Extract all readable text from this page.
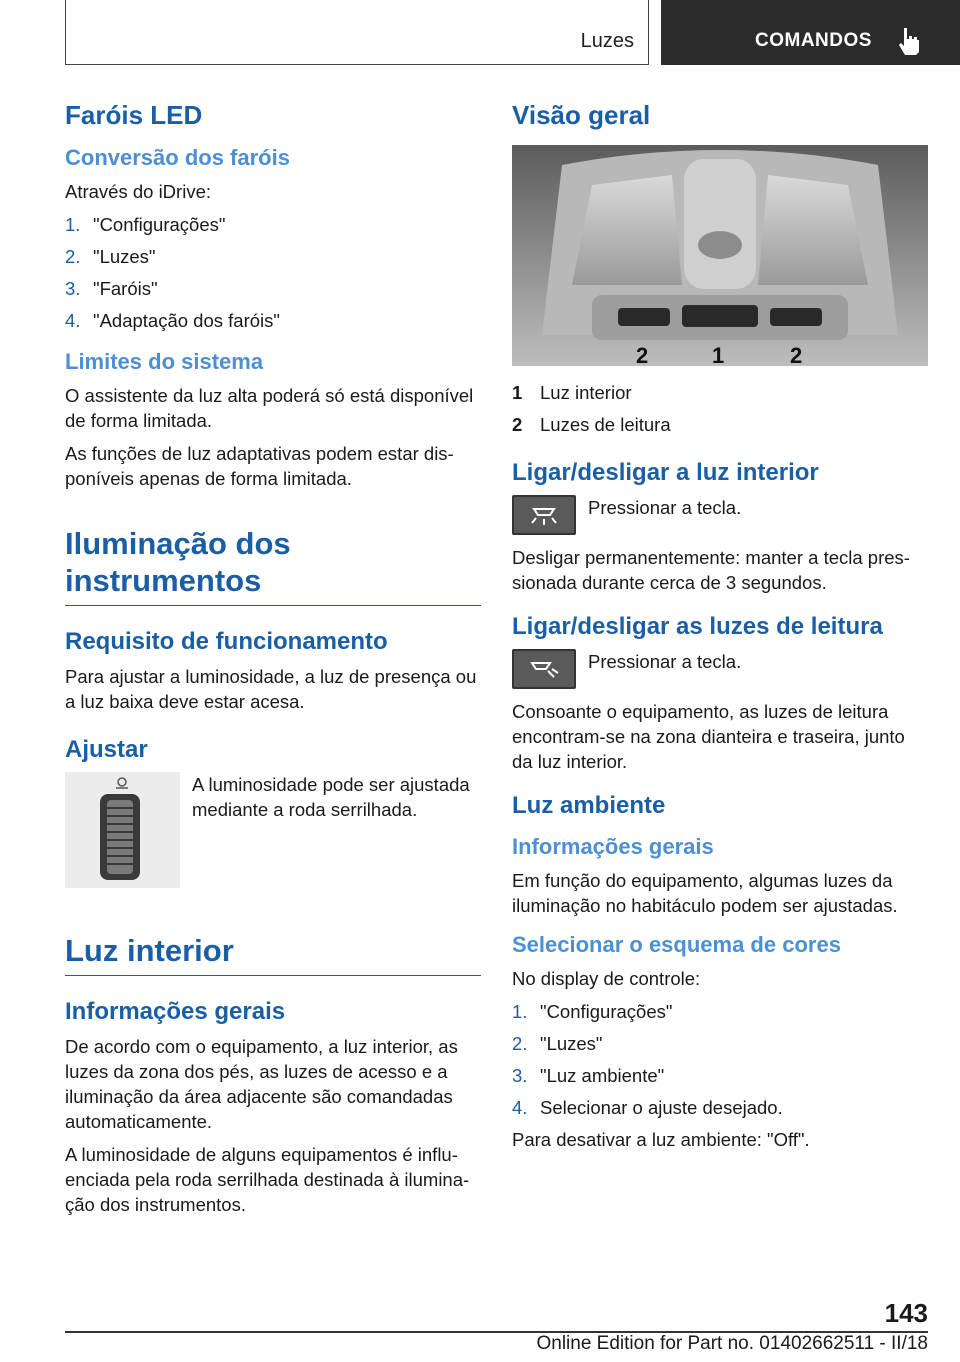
Luzes	COMANDOS
Faróis LED
Conversão dos faróis

Através do iDrive:

1. "Configurações"
2. "Luzes"
3. "Faróis"
4. "Adaptação dos faróis"
Limites do sistema

O assistente da luz alta poderá só está disponível de forma limitada.

As funções de luz adaptativas podem estar dis-poníveis apenas de forma limitada.

Iluminação dos instrumentos
Requisito de funcionamento

Para ajustar a luminosidade, a luz de presença ou a luz baixa deve estar acesa.

Ajustar
A luminosidade pode ser ajustada mediante a roda serrilhada.
Luz interior
Informações gerais

De acordo com o equipamento, a luz interior, as luzes da zona dos pés, as luzes de acesso e a iluminação da área adjacente são comandadas automaticamente.

A luminosidade de alguns equipamentos é influ-enciada pela roda serrilhada destinada à ilumina-ção dos instrumentos.

Visão geral
2	1	2
1 Luz interior
2 Luzes de leitura
Ligar/desligar a luz interior
Pressionar a tecla.

Desligar permanentemente: manter a tecla pres-sionada durante cerca de 3 segundos.

Ligar/desligar as luzes de leitura
Pressionar a tecla.

Consoante o equipamento, as luzes de leitura encontram-se na zona dianteira e traseira, junto da luz interior.

Luz ambiente
Informações gerais

Em função do equipamento, algumas luzes da iluminação no habitáculo podem ser ajustadas.

Selecionar o esquema de cores

No display de controle:

1. "Configurações"
2. "Luzes"
3. "Luz ambiente"
4. Selecionar o ajuste desejado.

Para desativar a luz ambiente: "Off".

143
Online Edition for Part no. 01402662511 - II/18
